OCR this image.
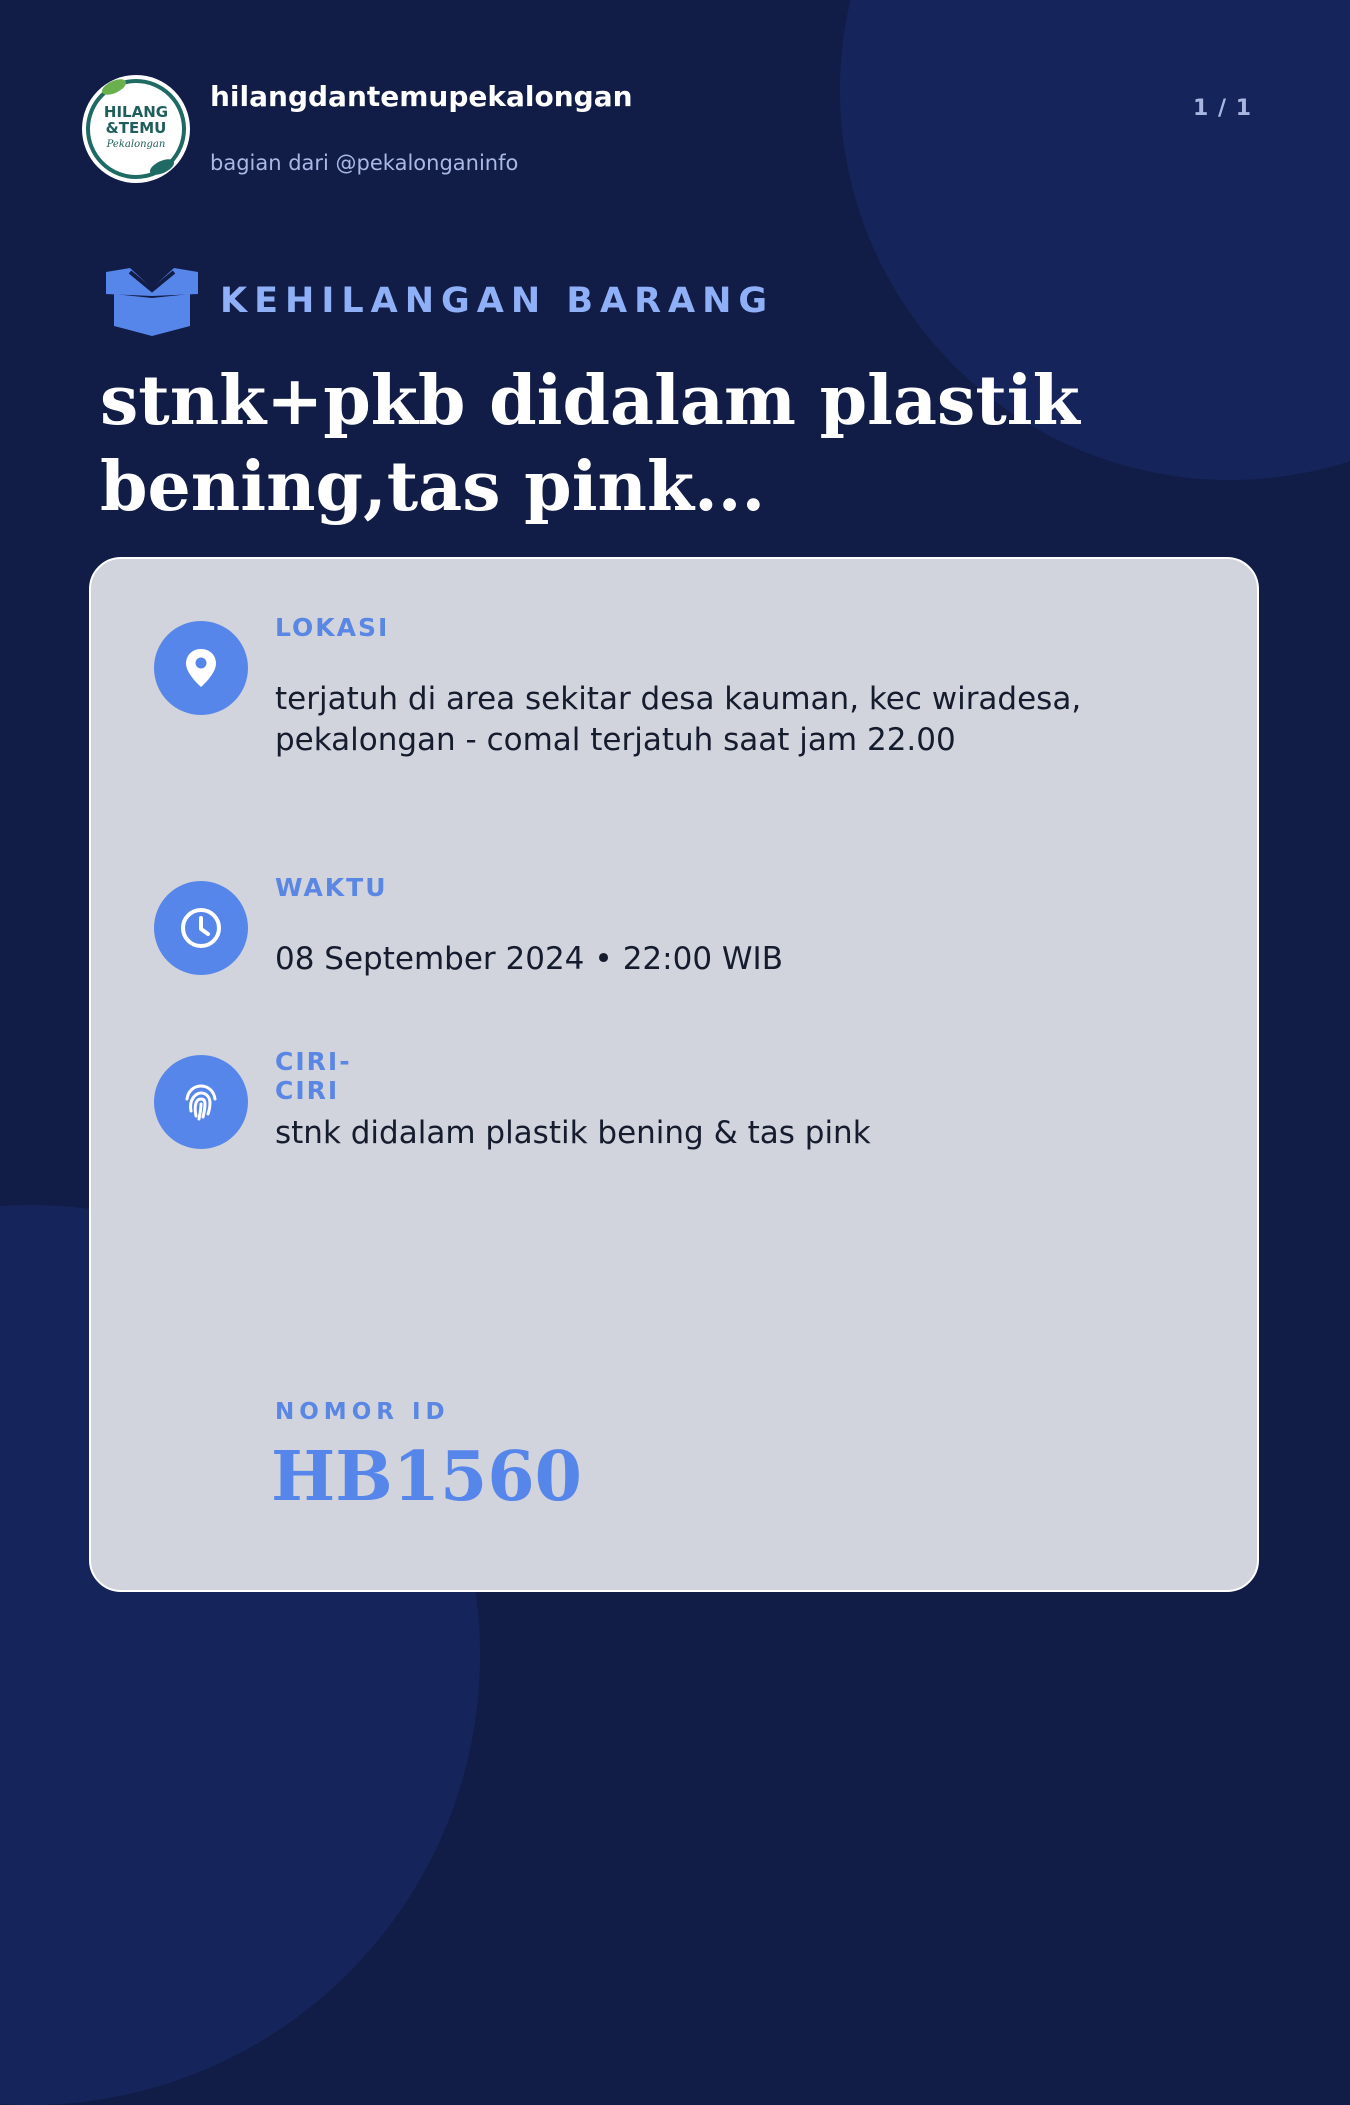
HILANG
&TEMU
Pekalongan
hilangdantemupekalongan
bagian dari @pekalonganinfo
1 / 1
KEHILANGAN BARANG
stnk+pkb didalam plastik bening,tas pink...

LOKASI

terjatuh di area sekitar desa kauman, kec wiradesa, pekalongan - comal terjatuh saat jam 22.00

WAKTU

08 September 2024 • 22:00 WIB

CIRI-CIRI

stnk didalam plastik bening & tas pink

NOMOR ID

HB1560
